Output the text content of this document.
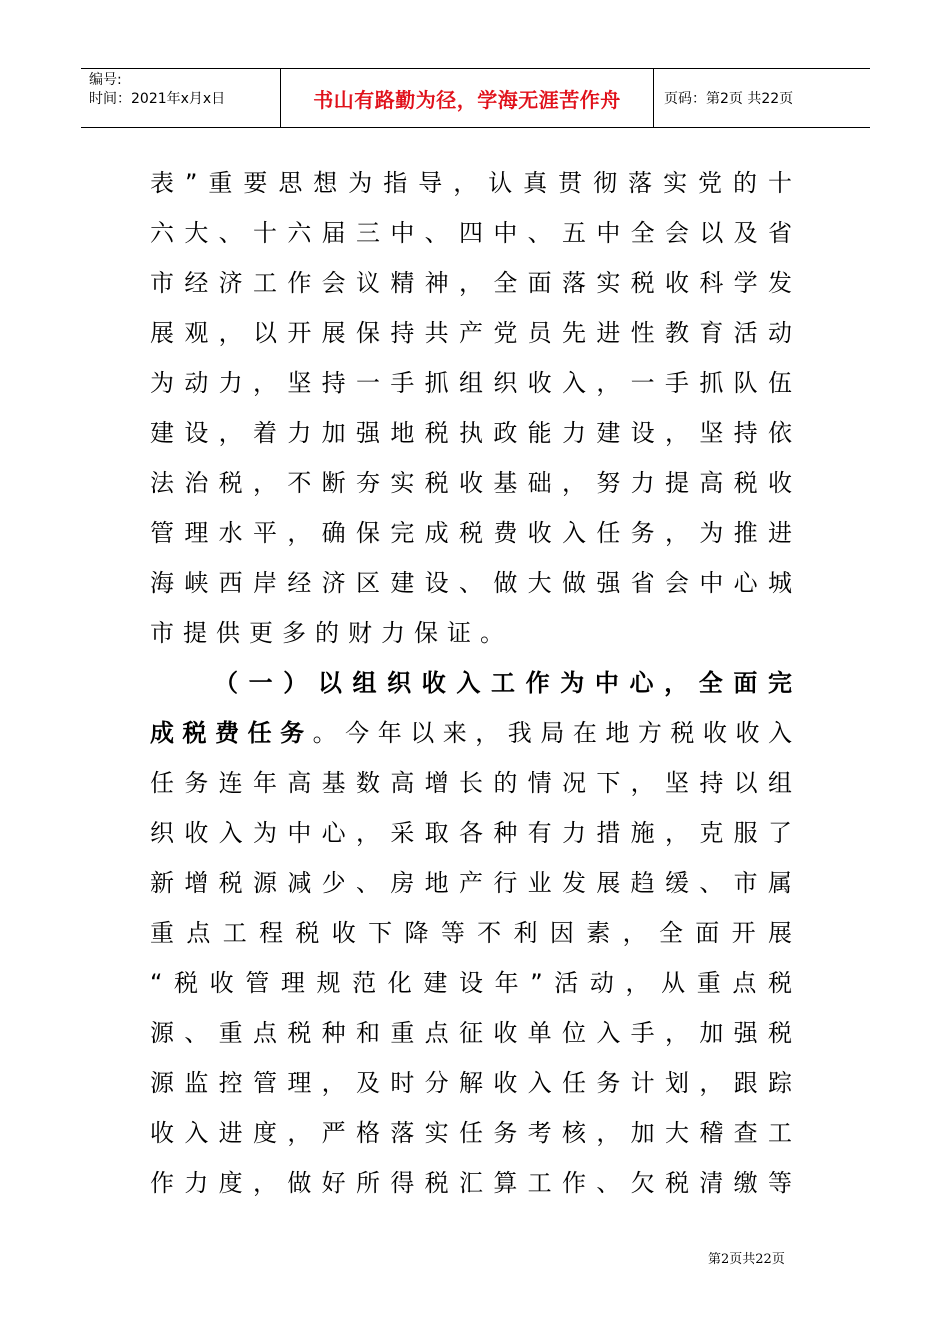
编号:
时间：2021年x月x日	书山有路勤为径，学海无涯苦作舟	页码：第2页 共22页
表”重要思想为指导，认真贯彻落实党的十
六大、十六届三中、四中、五中全会以及省
市经济工作会议精神，全面落实税收科学发
展观，以开展保持共产党员先进性教育活动
为动力，坚持一手抓组织收入，一手抓队伍
建设，着力加强地税执政能力建设，坚持依
法治税，不断夯实税收基础，努力提高税收
管理水平，确保完成税费收入任务，为推进
海峡西岸经济区建设、做大做强省会中心城
市提供更多的财力保证。
（一）以组织收入工作为中心，全面完
成税费任务。今年以来，我局在地方税收收入
任务连年高基数高增长的情况下，坚持以组
织收入为中心，采取各种有力措施，克服了
新增税源减少、房地产行业发展趋缓、市属
重点工程税收下降等不利因素，全面开展
“税收管理规范化建设年”活动，从重点税
源、重点税种和重点征收单位入手，加强税
源监控管理，及时分解收入任务计划，跟踪
收入进度，严格落实任务考核，加大稽查工
作力度，做好所得税汇算工作、欠税清缴等
第2页共22页
